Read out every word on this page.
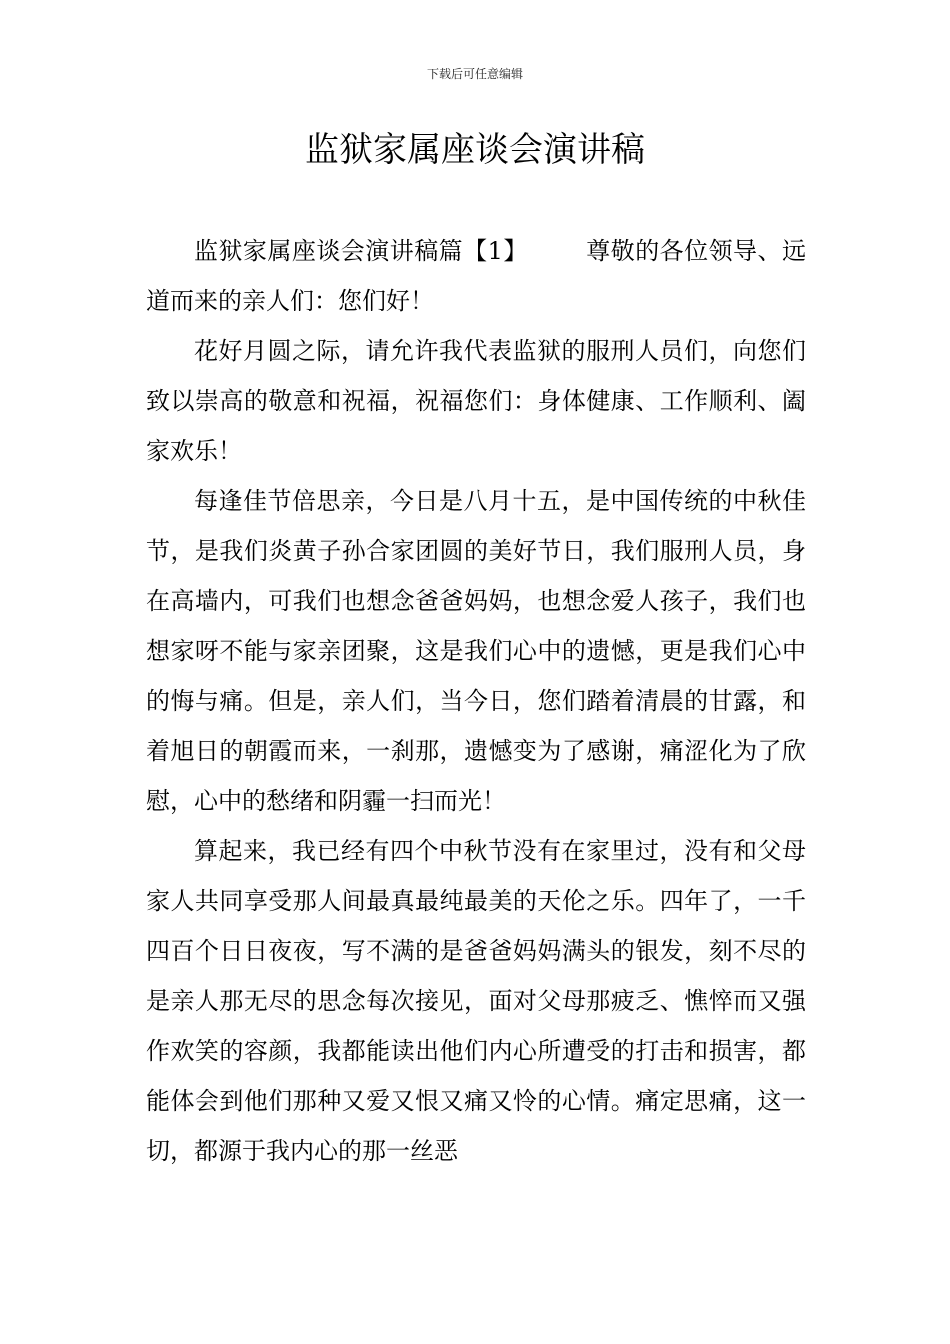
下载后可任意编辑
监狱家属座谈会演讲稿

监狱家属座谈会演讲稿篇【1】 尊敬的各位领导、远道而来的亲人们：您们好！

花好月圆之际，请允许我代表监狱的服刑人员们，向您们致以崇高的敬意和祝福，祝福您们：身体健康、工作顺利、阖家欢乐！

每逢佳节倍思亲，今日是八月十五，是中国传统的中秋佳节，是我们炎黄子孙合家团圆的美好节日，我们服刑人员，身在高墙内，可我们也想念爸爸妈妈，也想念爱人孩子，我们也想家呀不能与家亲团聚，这是我们心中的遗憾，更是我们心中的悔与痛。但是，亲人们，当今日，您们踏着清晨的甘露，和着旭日的朝霞而来，一刹那，遗憾变为了感谢，痛涩化为了欣慰，心中的愁绪和阴霾一扫而光！

算起来，我已经有四个中秋节没有在家里过，没有和父母家人共同享受那人间最真最纯最美的天伦之乐。四年了，一千四百个日日夜夜，写不满的是爸爸妈妈满头的银发，刻不尽的是亲人那无尽的思念每次接见，面对父母那疲乏、憔悴而又强作欢笑的容颜，我都能读出他们内心所遭受的打击和损害，都能体会到他们那种又爱又恨又痛又怜的心情。痛定思痛，这一切，都源于我内心的那一丝恶
